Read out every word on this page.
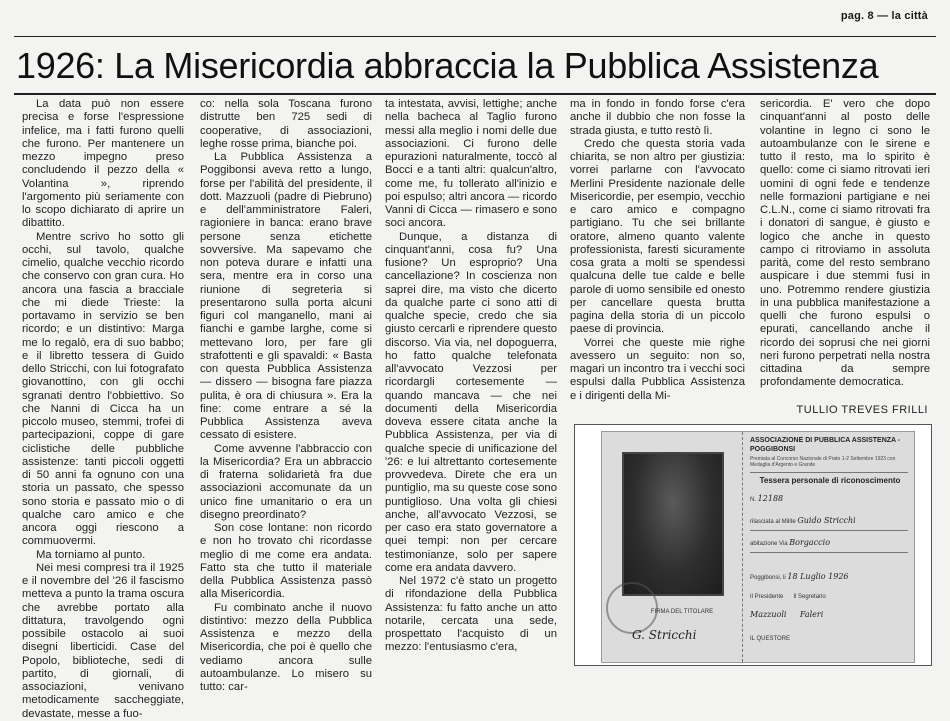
pag. 8 — la città
1926: La Misericordia abbraccia la Pubblica Assistenza

La data può non essere precisa e forse l'espressione infelice, ma i fatti furono quelli che furono. Per mantenere un mezzo impegno preso concludendo il pezzo della « Volantina », riprendo l'argomento più seriamente con lo scopo dichiarato di aprire un dibattito.

Mentre scrivo ho sotto gli occhi, sul tavolo, qualche cimelio, qualche vecchio ricordo che conservo con gran cura. Ho ancora una fascia a bracciale che mi diede Trieste: la portavamo in servizio se ben ricordo; e un distintivo: Marga me lo regalò, era di suo babbo; e il libretto tessera di Guido dello Stricchi, con lui fotografato giovanottino, con gli occhi sgranati dentro l'obbiettivo. So che Nanni di Cicca ha un piccolo museo, stemmi, trofei di partecipazioni, coppe di gare ciclistiche delle pubbliche assistenze: tanti piccoli oggetti di 50 anni fa ognuno con una storia un passato, che spesso sono storia e passato mio o di qualche caro amico e che ancora oggi riescono a commuovermi.

Ma torniamo al punto.

Nei mesi compresi tra il 1925 e il novembre del '26 il fascismo metteva a punto la trama oscura che avrebbe portato alla dittatura, travolgendo ogni possibile ostacolo ai suoi disegni liberticidi. Case del Popolo, biblioteche, sedi di partito, di giornali, di associazioni, venivano metodicamente saccheggiate, devastate, messe a fuo-

co: nella sola Toscana furono distrutte ben 725 sedi di cooperative, di associazioni, leghe rosse prima, bianche poi.

La Pubblica Assistenza a Poggibonsi aveva retto a lungo, forse per l'abilità del presidente, il dott. Mazzuoli (padre di Piebruno) e dell'amministratore Faleri, ragioniere in banca: erano brave persone senza etichette sovversive. Ma sapevamo che non poteva durare e infatti una sera, mentre era in corso una riunione di segreteria si presentarono sulla porta alcuni figuri col manganello, mani ai fianchi e gambe larghe, come si mettevano loro, per fare gli strafottenti e gli spavaldi: « Basta con questa Pubblica Assistenza — dissero — bisogna fare piazza pulita, è ora di chiusura ». Era la fine: come entrare a sé la Pubblica Assistenza aveva cessato di esistere.

Come avvenne l'abbraccio con la Misericordia? Era un abbraccio di fraterna solidarietà fra due associazioni accomunate da un unico fine umanitario o era un disegno preordinato?

Son cose lontane: non ricordo e non ho trovato chi ricordasse meglio di me come era andata. Fatto sta che tutto il materiale della Pubblica Assistenza passò alla Misericordia.

Fu combinato anche il nuovo distintivo: mezzo della Pubblica Assistenza e mezzo della Misericordia, che poi è quello che vediamo ancora sulle autoambulanze. Lo misero su tutto: car-

ta intestata, avvisi, lettighe; anche nella bacheca al Taglio furono messi alla meglio i nomi delle due associazioni. Ci furono delle epurazioni naturalmente, toccò al Bocci e a tanti altri: qualcun'altro, come me, fu tollerato all'inizio e poi espulso; altri ancora — ricordo Vanni di Cicca — rimasero e sono soci ancora.

Dunque, a distanza di cinquant'anni, cosa fu? Una fusione? Un esproprio? Una cancellazione? In coscienza non saprei dire, ma visto che dicerto da qualche parte ci sono atti di qualche specie, credo che sia giusto cercarli e riprendere questo discorso. Via via, nel dopoguerra, ho fatto qualche telefonata all'avvocato Vezzosi per ricordargli cortesemente — quando mancava — che nei documenti della Misericordia doveva essere citata anche la Pubblica Assistenza, per via di qualche specie di unificazione del '26: e lui altrettanto cortesemente provvedeva. Direte che era un puntiglio, ma su queste cose sono puntiglioso. Una volta gli chiesi anche, all'avvocato Vezzosi, se per caso era stato governatore a quei tempi: non per cercare testimonianze, solo per sapere come era andata davvero.

Nel 1972 c'è stato un progetto di rifondazione della Pubblica Assistenza: fu fatto anche un atto notarile, cercata una sede, prospettato l'acquisto di un mezzo: l'entusiasmo c'era,

ma in fondo in fondo forse c'era anche il dubbio che non fosse la strada giusta, e tutto restò lì.

Credo che questa storia vada chiarita, se non altro per giustizia: vorrei parlarne con l'avvocato Merlini Presidente nazionale delle Misericordie, per esempio, vecchio e caro amico e compagno partigiano. Tu che sei brillante oratore, almeno quanto valente professionista, faresti sicuramente cosa grata a molti se spendessi qualcuna delle tue calde e belle parole di uomo sensibile ed onesto per cancellare questa brutta pagina della storia di un piccolo paese di provincia.

Vorrei che queste mie righe avessero un seguito: non so, magari un incontro tra i vecchi soci espulsi dalla Pubblica Assistenza e i dirigenti della Mi-

sericordia. E' vero che dopo cinquant'anni al posto delle volantine in legno ci sono le autoambulanze con le sirene e tutto il resto, ma lo spirito è quello: come ci siamo ritrovati ieri uomini di ogni fede e tendenze nelle formazioni partigiane e nei C.L.N., come ci siamo ritrovati fra i donatori di sangue, è giusto e logico che anche in questo campo ci ritroviamo in assoluta parità, come del resto sembrano auspicare i due stemmi fusi in uno. Potremmo rendere giustizia in una pubblica manifestazione a quelli che furono espulsi o epurati, cancellando anche il ricordo dei soprusi che nei giorni neri furono perpetrati nella nostra cittadina da sempre profondamente democratica.

TULLIO TREVES FRILLI
FIRMA DEL TITOLARE
G. Stricchi
ASSOCIAZIONE DI PUBBLICA ASSISTENZA - POGGIBONSI
Premiata al Concorso Nazionale di Prato 1-2 Settembre 1923 con Medaglia d'Argento e Grande
Tessera personale di riconoscimento
N. 12188
rilasciata al Milite Guido Stricchi
abitazione Via Borgaccio
Poggibonsi, li 18 Luglio 1926
Il Presidente Il Segretario
Mazzuoli Faleri
IL QUESTORE
